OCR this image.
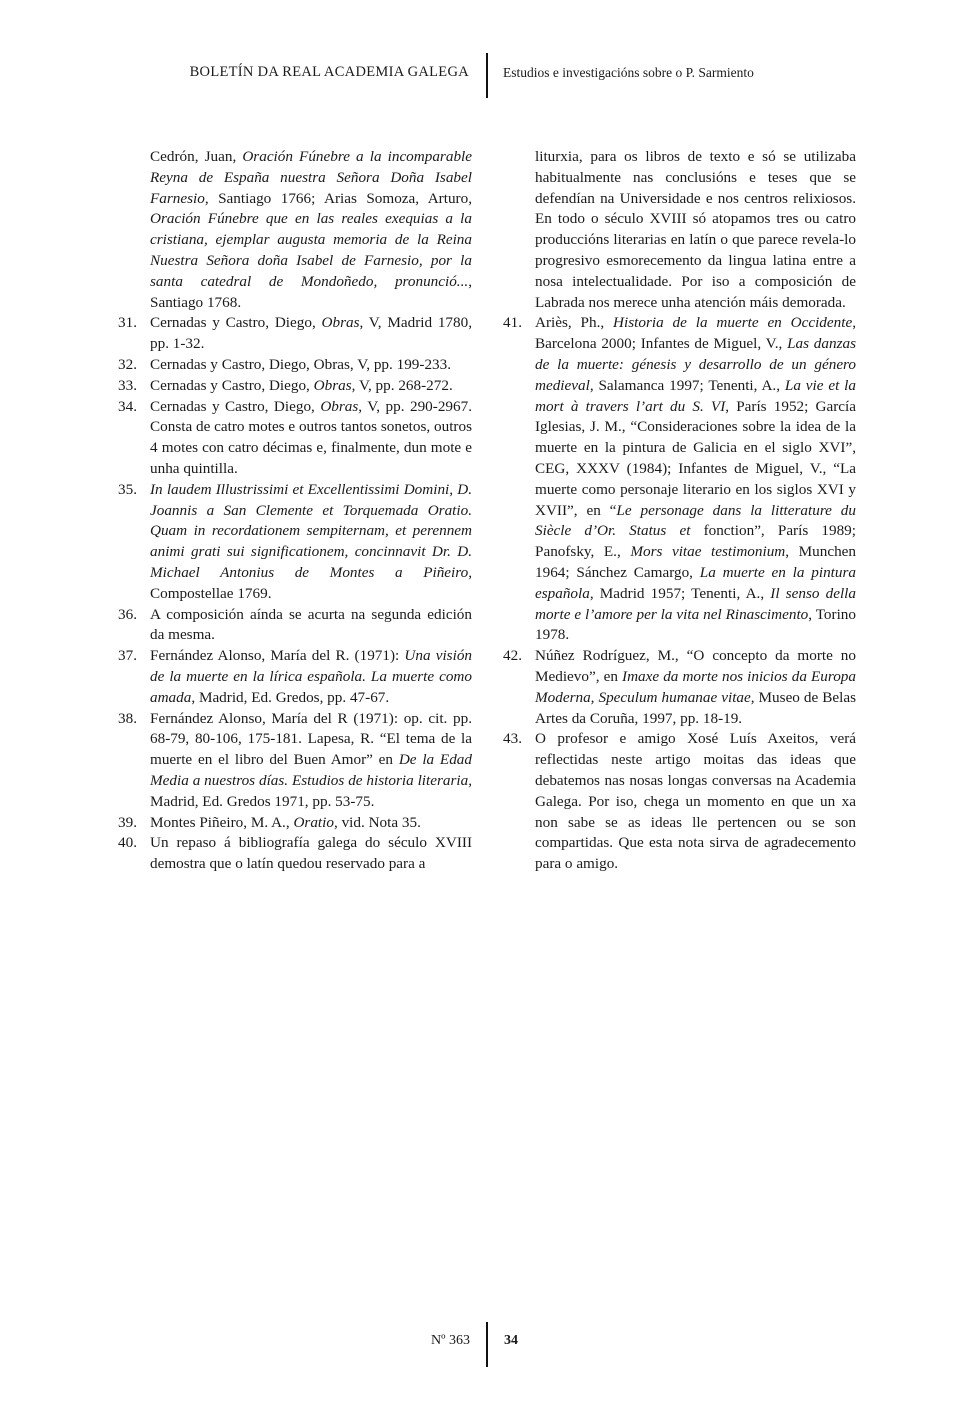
BOLETÍN DA REAL ACADEMIA GALEGA	Estudios e investigacións sobre o P. Sarmiento
Cedrón, Juan, Oración Fúnebre a la incomparable Reyna de España nuestra Señora Doña Isabel Farnesio, Santiago 1766; Arias Somoza, Arturo, Oración Fúnebre que en las reales exequias a la cristiana, ejemplar augusta memoria de la Reina Nuestra Señora doña Isabel de Farnesio, por la santa catedral de Mondoñedo, pronunció..., Santiago 1768.
31. Cernadas y Castro, Diego, Obras, V, Madrid 1780, pp. 1-32.
32. Cernadas y Castro, Diego, Obras, V, pp. 199-233.
33. Cernadas y Castro, Diego, Obras, V, pp. 268-272.
34. Cernadas y Castro, Diego, Obras, V, pp. 290-2967. Consta de catro motes e outros tantos sonetos, outros 4 motes con catro décimas e, finalmente, dun mote e unha quintilla.
35. In laudem Illustrissimi et Excellentissimi Domini, D. Joannis a San Clemente et Torquemada Oratio. Quam in recordationem sempiternam, et perennem animi grati sui significationem, concinnavit Dr. D. Michael Antonius de Montes a Piñeiro, Compostellae 1769.
36. A composición aínda se acurta na segunda edición da mesma.
37. Fernández Alonso, María del R. (1971): Una visión de la muerte en la lírica española. La muerte como amada, Madrid, Ed. Gredos, pp. 47-67.
38. Fernández Alonso, María del R (1971): op. cit. pp. 68-79, 80-106, 175-181. Lapesa, R. “El tema de la muerte en el libro del Buen Amor” en De la Edad Media a nuestros días. Estudios de historia literaria, Madrid, Ed. Gredos 1971, pp. 53-75.
39. Montes Piñeiro, M. A., Oratio, vid. Nota 35.
40. Un repaso á bibliografía galega do século XVIII demostra que o latín quedou reservado para a
liturxia, para os libros de texto e só se utilizaba habitualmente nas conclusións e teses que se defendían na Universidade e nos centros relixiosos. En todo o século XVIII só atopamos tres ou catro produccións literarias en latín o que parece revela-lo progresivo esmorecemento da lingua latina entre a nosa intelectualidade. Por iso a composición de Labrada nos merece unha atención máis demorada.
41. Ariès, Ph., Historia de la muerte en Occidente, Barcelona 2000; Infantes de Miguel, V., Las danzas de la muerte: génesis y desarrollo de un género medieval, Salamanca 1997; Tenenti, A., La vie et la mort à travers l’art du S. VI, París 1952; García Iglesias, J. M., “Consideraciones sobre la idea de la muerte en la pintura de Galicia en el siglo XVI”, CEG, XXXV (1984); Infantes de Miguel, V., “La muerte como personaje literario en los siglos XVI y XVII”, en “Le personage dans la litterature du Siècle d’Or. Status et fonction”, París 1989; Panofsky, E., Mors vitae testimonium, Munchen 1964; Sánchez Camargo, La muerte en la pintura española, Madrid 1957; Tenenti, A., Il senso della morte e l’amore per la vita nel Rinascimento, Torino 1978.
42. Núñez Rodríguez, M., “O concepto da morte no Medievo”, en Imaxe da morte nos inicios da Europa Moderna, Speculum humanae vitae, Museo de Belas Artes da Coruña, 1997, pp. 18-19.
43. O profesor e amigo Xosé Luís Axeitos, verá reflectidas neste artigo moitas das ideas que debatemos nas nosas longas conversas na Academia Galega. Por iso, chega un momento en que un xa non sabe se as ideas lle pertencen ou se son compartidas. Que esta nota sirva de agradecemento para o amigo.
Nº 363 34
